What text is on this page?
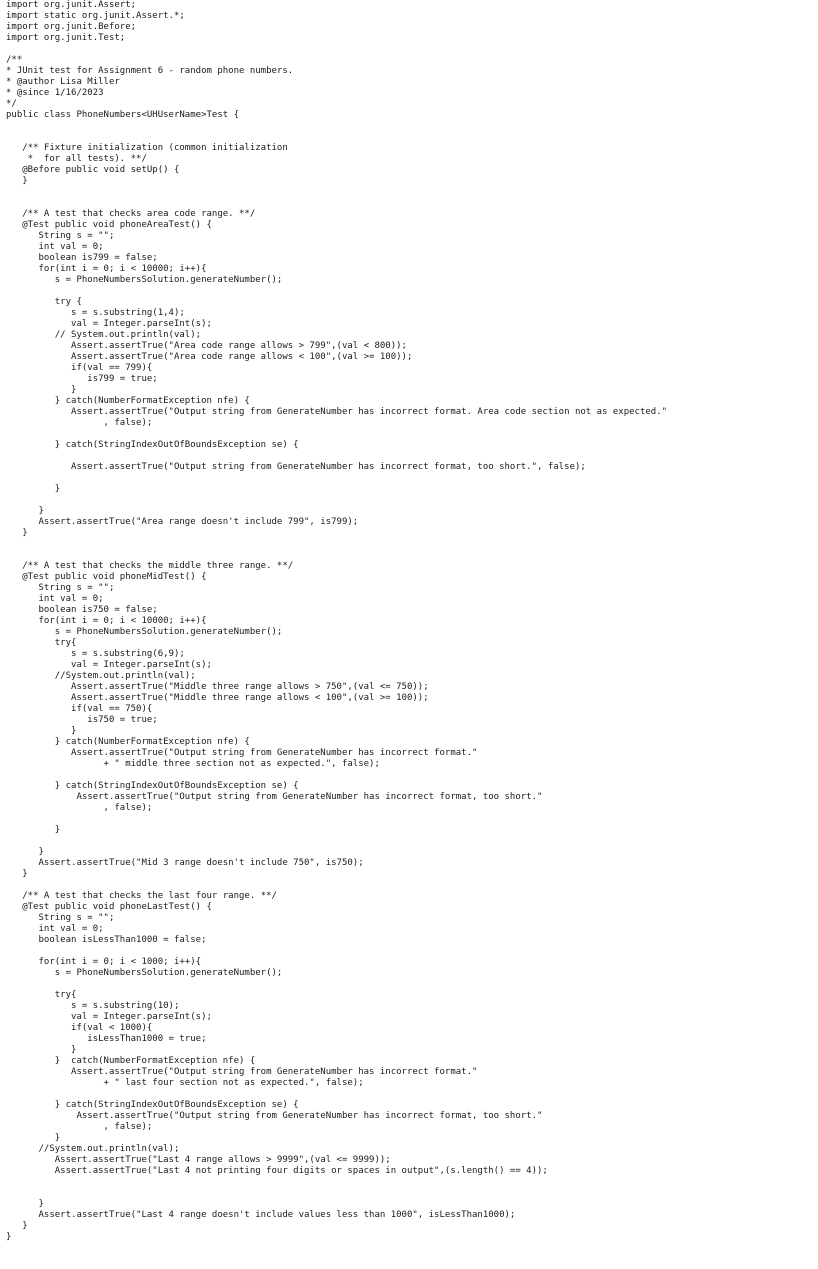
import org.junit.Assert;
import static org.junit.Assert.*;
import org.junit.Before;
import org.junit.Test;
/**
* JUnit test for Assignment 6 - random phone numbers.
* @author Lisa Miller
* @since 1/16/2023
*/
public class PhoneNumbers<UHUserName>Test {
/** Fixture initialization (common initialization
*  for all tests). **/
@Before public void setUp() {
}
/** A test that checks area code range. **/
@Test public void phoneAreaTest() {
String s = "";
int val = 0;
boolean is799 = false;
for(int i = 0; i < 10000; i++){
s = PhoneNumbersSolution.generateNumber();
try {
s = s.substring(1,4);
val = Integer.parseInt(s);
// System.out.println(val);
Assert.assertTrue("Area code range allows > 799",(val < 800));
Assert.assertTrue("Area code range allows < 100",(val >= 100));
if(val == 799){
is799 = true;
}
} catch(NumberFormatException nfe) {
Assert.assertTrue("Output string from GenerateNumber has incorrect format. Area code section not as expected."
, false);
} catch(StringIndexOutOfBoundsException se) {
Assert.assertTrue("Output string from GenerateNumber has incorrect format, too short.", false);
}
}
Assert.assertTrue("Area range doesn't include 799", is799);
}
/** A test that checks the middle three range. **/
@Test public void phoneMidTest() {
String s = "";
int val = 0;
boolean is750 = false;
for(int i = 0; i < 10000; i++){
s = PhoneNumbersSolution.generateNumber();
try{
s = s.substring(6,9);
val = Integer.parseInt(s);
//System.out.println(val);
Assert.assertTrue("Middle three range allows > 750",(val <= 750));
Assert.assertTrue("Middle three range allows < 100",(val >= 100));
if(val == 750){
is750 = true;
}
} catch(NumberFormatException nfe) {
Assert.assertTrue("Output string from GenerateNumber has incorrect format."
+ " middle three section not as expected.", false);
} catch(StringIndexOutOfBoundsException se) {
Assert.assertTrue("Output string from GenerateNumber has incorrect format, too short."
, false);
}
}
Assert.assertTrue("Mid 3 range doesn't include 750", is750);
}
/** A test that checks the last four range. **/
@Test public void phoneLastTest() {
String s = "";
int val = 0;
boolean isLessThan1000 = false;
for(int i = 0; i < 1000; i++){
s = PhoneNumbersSolution.generateNumber();
try{
s = s.substring(10);
val = Integer.parseInt(s);
if(val < 1000){
isLessThan1000 = true;
}
}  catch(NumberFormatException nfe) {
Assert.assertTrue("Output string from GenerateNumber has incorrect format."
+ " last four section not as expected.", false);
} catch(StringIndexOutOfBoundsException se) {
Assert.assertTrue("Output string from GenerateNumber has incorrect format, too short."
, false);
}
//System.out.println(val);
Assert.assertTrue("Last 4 range allows > 9999",(val <= 9999));
Assert.assertTrue("Last 4 not printing four digits or spaces in output",(s.length() == 4));
}
Assert.assertTrue("Last 4 range doesn't include values less than 1000", isLessThan1000);
}
}
